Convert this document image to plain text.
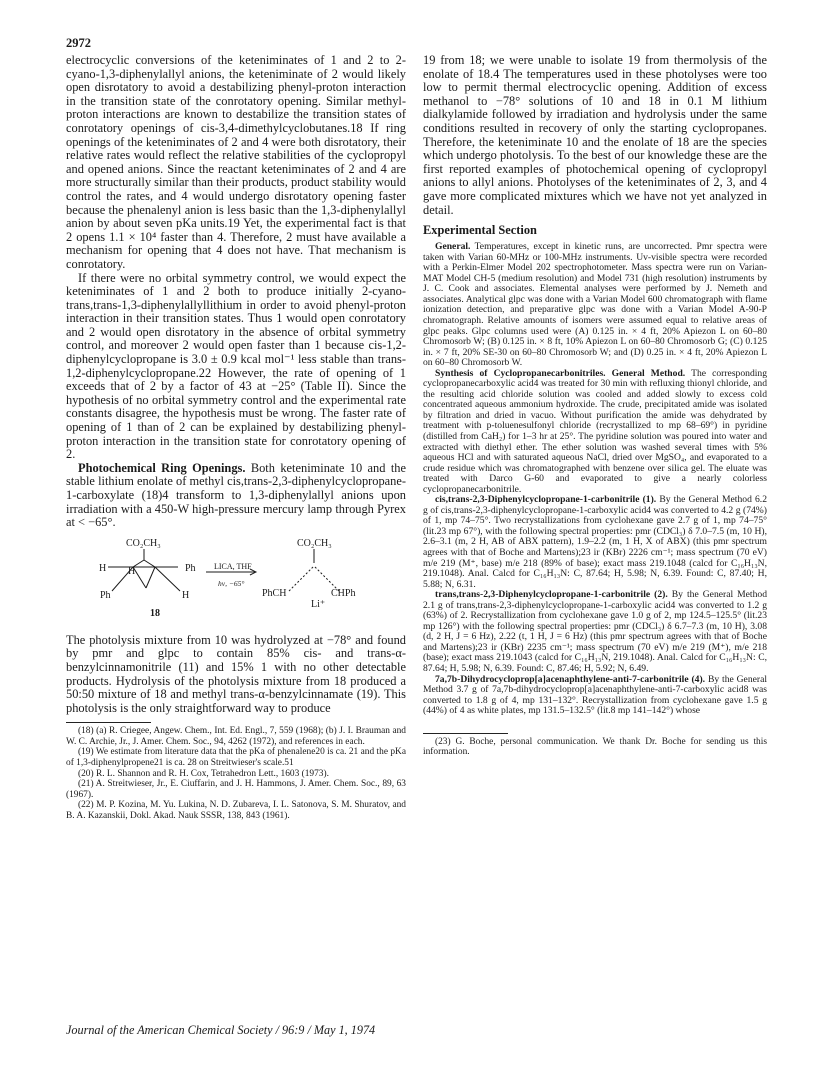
2972

electrocyclic conversions of the keteniminates of 1 and 2 to 2-cyano-1,3-diphenylallyl anions, the keteniminate of 2 would likely open disrotatory to avoid a destabilizing phenyl-proton interaction in the transition state of the conrotatory opening. Similar methyl-proton interactions are known to destabilize the transition states of conrotatory openings of cis-3,4-dimethylcyclobutanes.18 If ring openings of the keteniminates of 2 and 4 were both disrotatory, their relative rates would reflect the relative stabilities of the cyclopropyl and opened anions. Since the reactant keteniminates of 2 and 4 are more structurally similar than their products, product stability would control the rates, and 4 would undergo disrotatory opening faster because the phenalenyl anion is less basic than the 1,3-diphenylallyl anion by about seven pKa units.19 Yet, the experimental fact is that 2 opens 1.1 × 10⁴ faster than 4. Therefore, 2 must have available a mechanism for opening that 4 does not have. That mechanism is conrotatory.

If there were no orbital symmetry control, we would expect the keteniminates of 1 and 2 both to produce initially 2-cyano-trans,trans-1,3-diphenylallyllithium in order to avoid phenyl-proton interaction in their transition states. Thus 1 would open conrotatory and 2 would open disrotatory in the absence of orbital symmetry control, and moreover 2 would open faster than 1 because cis-1,2-diphenylcyclopropane is 3.0 ± 0.9 kcal mol⁻¹ less stable than trans-1,2-diphenylcyclopropane.22 However, the rate of opening of 1 exceeds that of 2 by a factor of 43 at −25° (Table II). Since the hypothesis of no orbital symmetry control and the experimental rate constants disagree, the hypothesis must be wrong. The faster rate of opening of 1 than of 2 can be explained by destabilizing phenyl-proton interaction in the transition state for conrotatory opening of 2.

Photochemical Ring Openings. Both keteniminate 10 and the stable lithium enolate of methyl cis,trans-2,3-diphenylcyclopropane-1-carboxylate (18)4 transform to 1,3-diphenylallyl anions upon irradiation with a 450-W high-pressure mercury lamp through Pyrex at < −65°.

CO₂CH₃
H H	Ph
Ph	H
18
LICA, THF
hν, −65°
CO₂CH₃
PhCH	CHPh
Li⁺

The photolysis mixture from 10 was hydrolyzed at −78° and found by pmr and glpc to contain 85% cis- and trans-α-benzylcinnamonitrile (11) and 15% 1 with no other detectable products. Hydrolysis of the photolysis mixture from 18 produced a 50:50 mixture of 18 and methyl trans-α-benzylcinnamate (19). This photolysis is the only straightforward way to produce

(18) (a) R. Criegee, Angew. Chem., Int. Ed. Engl., 7, 559 (1968); (b) J. I. Brauman and W. C. Archie, Jr., J. Amer. Chem. Soc., 94, 4262 (1972), and references in each.

(19) We estimate from literature data that the pKa of phenalene20 is ca. 21 and the pKa of 1,3-diphenylpropene21 is ca. 28 on Streitwieser's scale.51

(20) R. L. Shannon and R. H. Cox, Tetrahedron Lett., 1603 (1973).

(21) A. Streitwieser, Jr., E. Ciuffarin, and J. H. Hammons, J. Amer. Chem. Soc., 89, 63 (1967).

(22) M. P. Kozina, M. Yu. Lukina, N. D. Zubareva, I. L. Satonova, S. M. Shuratov, and B. A. Kazanskii, Dokl. Akad. Nauk SSSR, 138, 843 (1961).

19 from 18; we were unable to isolate 19 from thermolysis of the enolate of 18.4 The temperatures used in these photolyses were too low to permit thermal electrocyclic opening. Addition of excess methanol to −78° solutions of 10 and 18 in 0.1 M lithium dialkylamide followed by irradiation and hydrolysis under the same conditions resulted in recovery of only the starting cyclopropanes. Therefore, the keteniminate 10 and the enolate of 18 are the species which undergo photolysis. To the best of our knowledge these are the first reported examples of photochemical opening of cyclopropyl anions to allyl anions. Photolyses of the keteniminates of 2, 3, and 4 gave more complicated mixtures which we have not yet analyzed in detail.

Experimental Section

General. Temperatures, except in kinetic runs, are uncorrected. Pmr spectra were taken with Varian 60-MHz or 100-MHz instruments. Uv-visible spectra were recorded with a Perkin-Elmer Model 202 spectrophotometer. Mass spectra were run on Varian-MAT Model CH-5 (medium resolution) and Model 731 (high resolution) instruments by J. C. Cook and associates. Elemental analyses were performed by J. Nemeth and associates. Analytical glpc was done with a Varian Model 600 chromatograph with flame ionization detection, and preparative glpc was done with a Varian Model A-90-P chromatograph. Relative amounts of isomers were assumed equal to relative areas of glpc peaks. Glpc columns used were (A) 0.125 in. × 4 ft, 20% Apiezon L on 60–80 Chromosorb W; (B) 0.125 in. × 8 ft, 10% Apiezon L on 60–80 Chromosorb G; (C) 0.125 in. × 7 ft, 20% SE-30 on 60–80 Chromosorb W; and (D) 0.25 in. × 4 ft, 20% Apiezon L on 60–80 Chromosorb W.

Synthesis of Cyclopropanecarbonitriles. General Method. The corresponding cyclopropanecarboxylic acid4 was treated for 30 min with refluxing thionyl chloride, and the resulting acid chloride solution was cooled and added slowly to excess cold concentrated aqueous ammonium hydroxide. The crude, precipitated amide was isolated by filtration and dried in vacuo. Without purification the amide was dehydrated by treatment with p-toluenesulfonyl chloride (recrystallized to mp 68–69°) in pyridine (distilled from CaH₂) for 1–3 hr at 25°. The pyridine solution was poured into water and extracted with diethyl ether. The ether solution was washed several times with 5% aqueous HCl and with saturated aqueous NaCl, dried over MgSO₄, and evaporated to a crude residue which was chromatographed with benzene over silica gel. The eluate was treated with Darco G-60 and evaporated to give a nearly colorless cyclopropanecarbonitrile.

cis,trans-2,3-Diphenylcyclopropane-1-carbonitrile (1). By the General Method 6.2 g of cis,trans-2,3-diphenylcyclopropane-1-carboxylic acid4 was converted to 4.2 g (74%) of 1, mp 74–75°. Two recrystallizations from cyclohexane gave 2.7 g of 1, mp 74–75° (lit.23 mp 67°), with the following spectral properties: pmr (CDCl₃) δ 7.0–7.5 (m, 10 H), 2.6–3.1 (m, 2 H, AB of ABX pattern), 1.9–2.2 (m, 1 H, X of ABX) (this pmr spectrum agrees with that of Boche and Martens);23 ir (KBr) 2226 cm⁻¹; mass spectrum (70 eV) m/e 219 (M⁺, base) m/e 218 (89% of base); exact mass 219.1048 (calcd for C₁₆H₁₃N, 219.1048). Anal. Calcd for C₁₆H₁₃N: C, 87.64; H, 5.98; N, 6.39. Found: C, 87.40; H, 5.88; N, 6.31.

trans,trans-2,3-Diphenylcyclopropane-1-carbonitrile (2). By the General Method 2.1 g of trans,trans-2,3-diphenylcyclopropane-1-carboxylic acid4 was converted to 1.2 g (63%) of 2. Recrystallization from cyclohexane gave 1.0 g of 2, mp 124.5–125.5° (lit.23 mp 126°) with the following spectral properties: pmr (CDCl₃) δ 6.7–7.3 (m, 10 H), 3.08 (d, 2 H, J = 6 Hz), 2.22 (t, 1 H, J = 6 Hz) (this pmr spectrum agrees with that of Boche and Martens);23 ir (KBr) 2235 cm⁻¹; mass spectrum (70 eV) m/e 219 (M⁺), m/e 218 (base); exact mass 219.1043 (calcd for C₁₆H₁₃N, 219.1048). Anal. Calcd for C₁₆H₁₃N: C, 87.64; H, 5.98; N, 6.39. Found: C, 87.46; H, 5.92; N, 6.49.

7a,7b-Dihydrocycloprop[a]acenaphthylene-anti-7-carbonitrile (4). By the General Method 3.7 g of 7a,7b-dihydrocycloprop[a]acenaphthylene-anti-7-carboxylic acid8 was converted to 1.8 g of 4, mp 131–132°. Recrystallization from cyclohexane gave 1.5 g (44%) of 4 as white plates, mp 131.5–132.5° (lit.8 mp 141–142°) whose

(23) G. Boche, personal communication. We thank Dr. Boche for sending us this information.

Journal of the American Chemical Society / 96:9 / May 1, 1974
